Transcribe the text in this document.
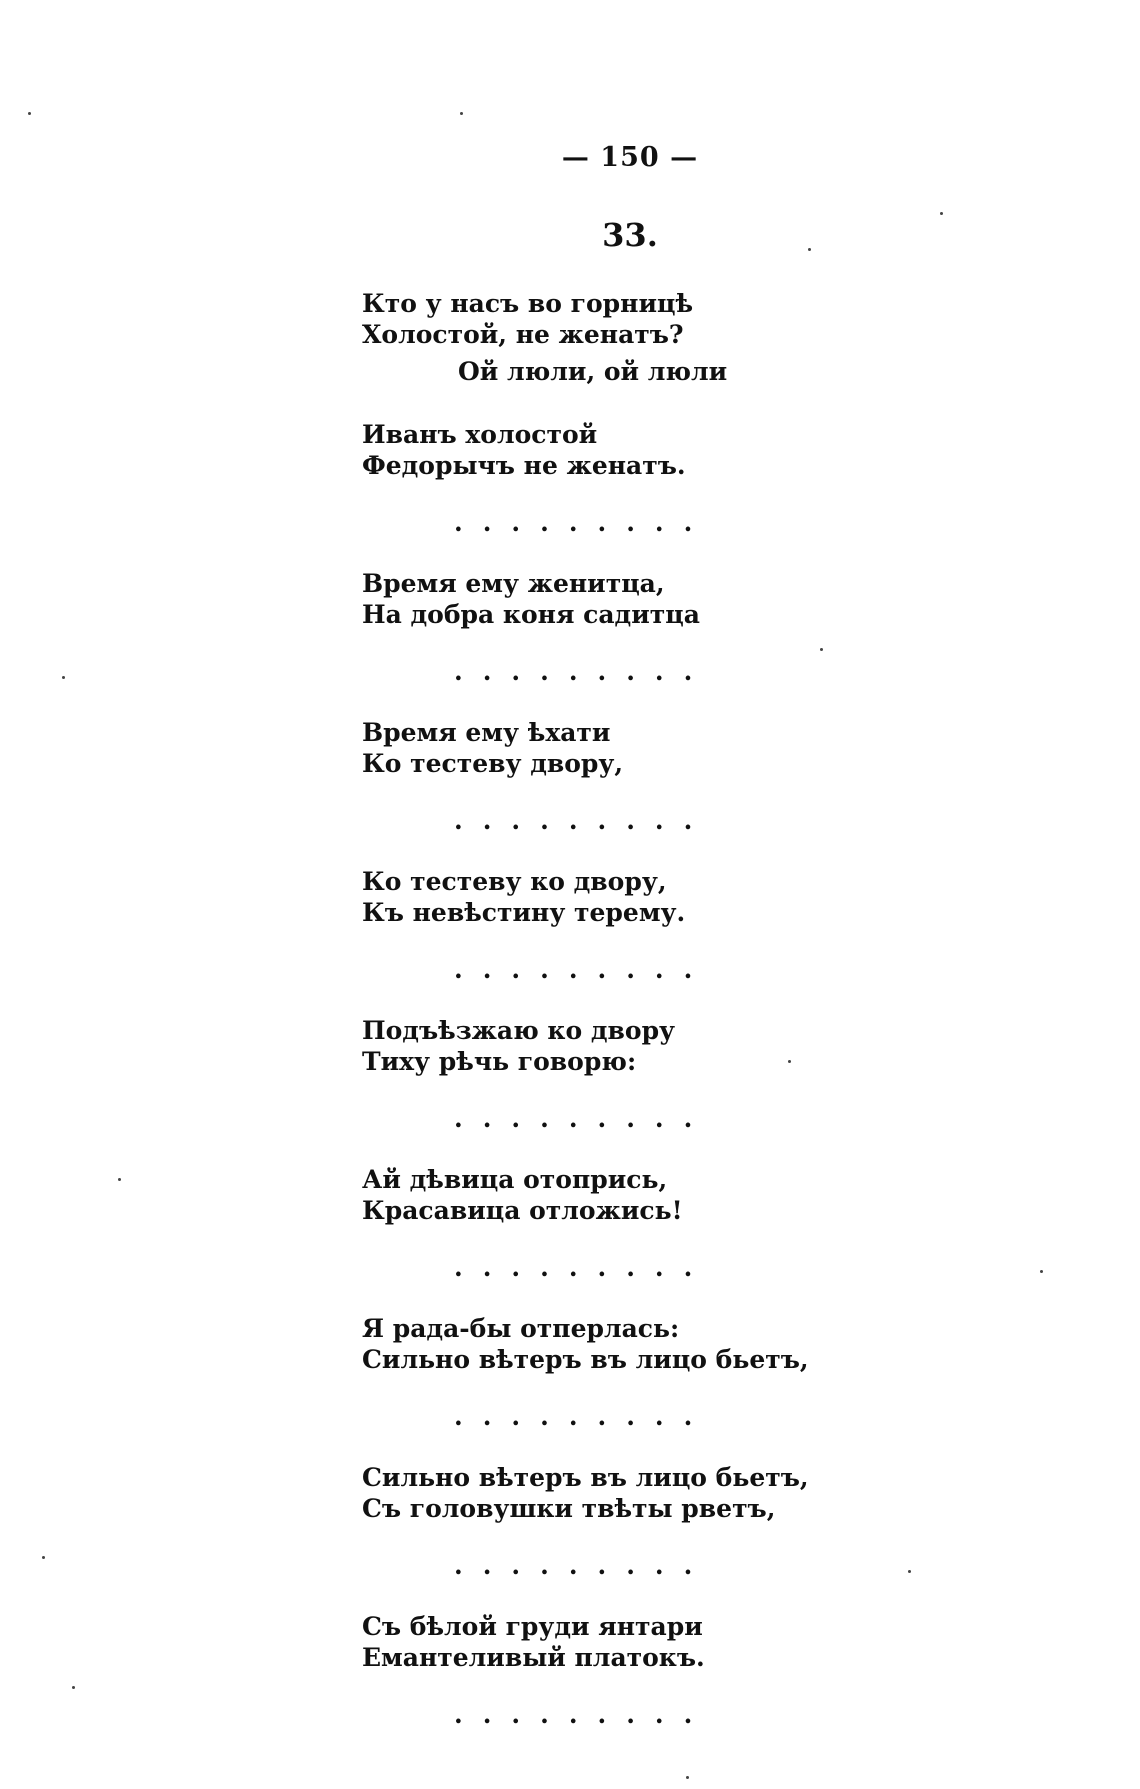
— 150 —
33.
Кто у насъ во горницѣ
Холостой, не женатъ?
Ой люли, ой люли
Иванъ холостой
Федорычъ не женатъ.
.........
Время ему женитца,
На добра коня садитца
.........
Время ему ѣхати
Ко тестеву двору,
.........
Ко тестеву ко двору,
Къ невѣстину терему.
.........
Подъѣзжаю ко двору
Тиху рѣчь говорю:
.........
Ай дѣвица отопрись,
Красавица отложись!
.........
Я рада-бы отперлась:
Сильно вѣтеръ въ лицо бьетъ,
.........
Сильно вѣтеръ въ лицо бьетъ,
Съ головушки твѣты рветъ,
.........
Съ бѣлой груди янтари
Емантеливый платокъ.
.........
